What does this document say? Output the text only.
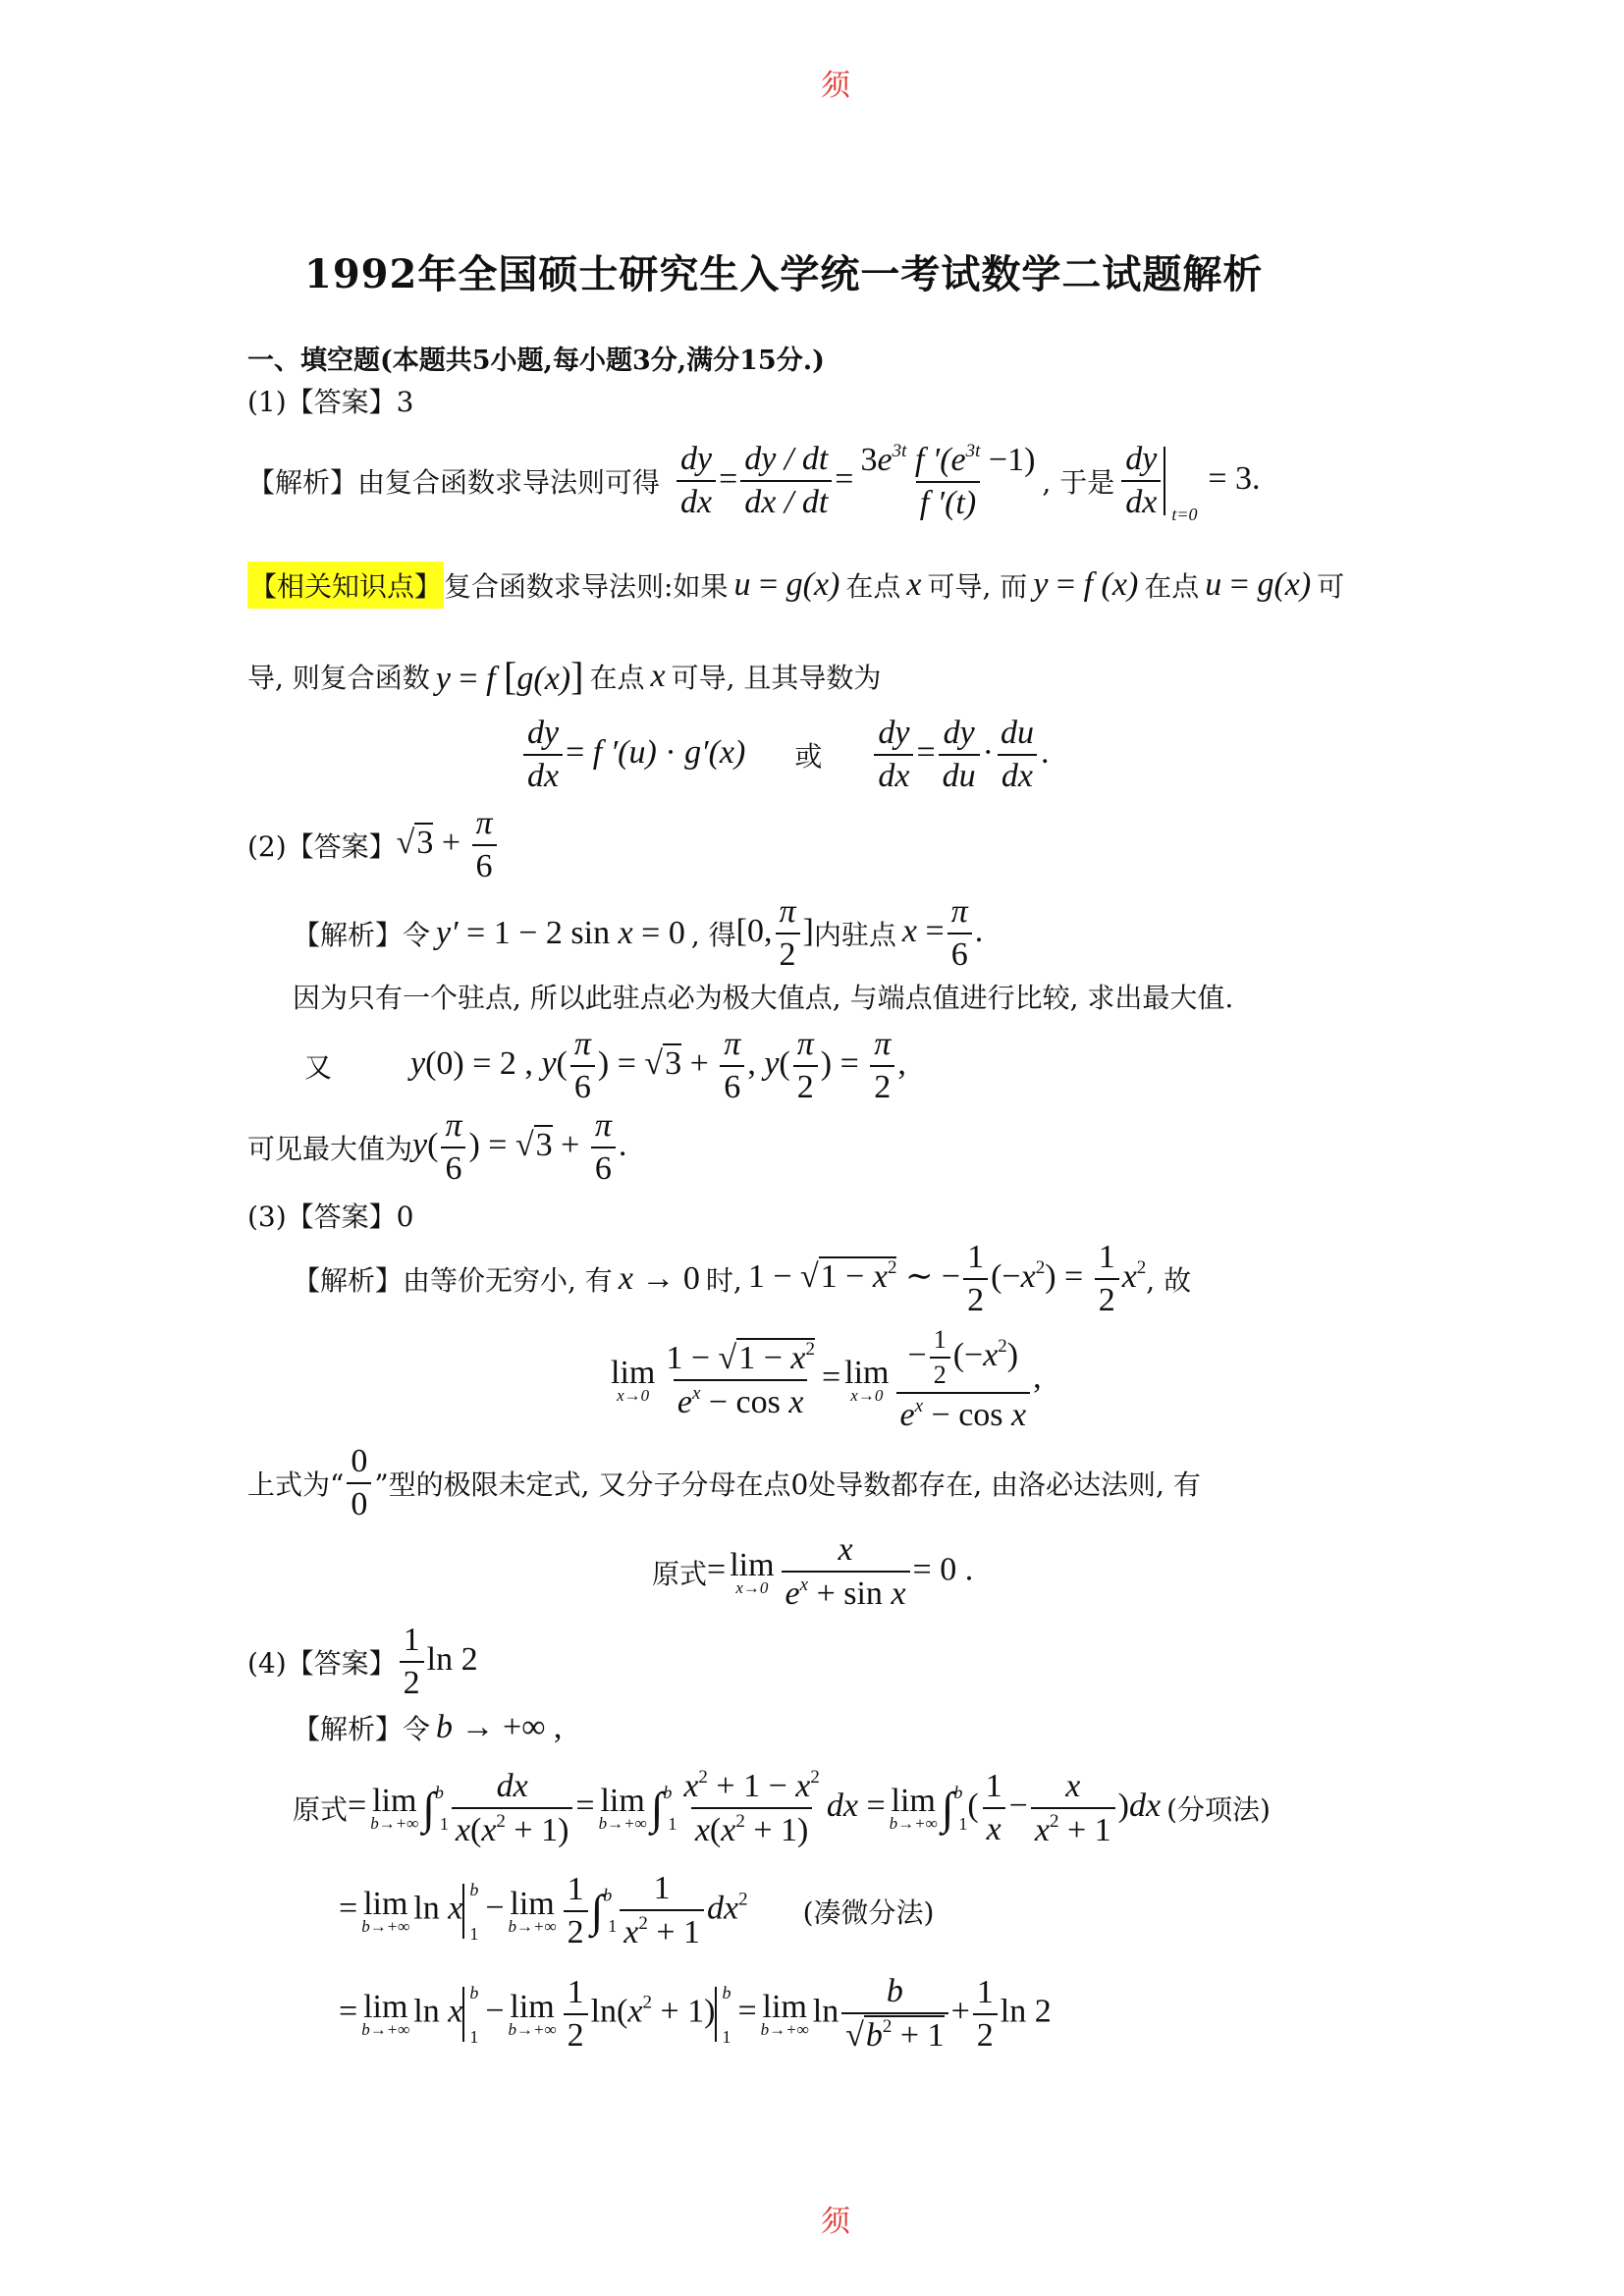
须
须
1992年全国硕士研究生入学统一考试数学二试题解析
一、填空题(本题共5小题,每小题3分,满分15分.)
(1)【答案】3
【解析】由复合函数求导法则可得 $\frac{dy}{dx} = \frac{dy / dt}{dx / dt} = \frac{3e^{3t} f '(e^{3t} -1)}{f '(t)}$ , 于是 $\frac{dy}{dx} t=0$
= 3.
【相关知识点】 复合函数求导法则:如果 u = g(x) 在点 x 可导, 而 y = f (x) 在点 u = g(x) 可
导, 则复合函数 y = f [g(x)] 在点 x 可导, 且其导数为
$\frac{dy}{dx} = f$ ′(u) · g′(x) 或 $\frac{dy}{dx} = \frac{dy}{du} \cdot \frac{du}{dx}$ .
(2)【答案】 $√3 + \frac{\pi}{6}$
【解析】令 y′ = 1 − 2 sin x = 0 , 得 [0, $\frac{\pi}{2}$ ] 内驻点 $x = \frac{\pi}{6}$ .
因为只有一个驻点, 所以此驻点必为极大值点, 与端点值进行比较, 求出最大值.
又 y(0) = 2 , $y( \frac{\pi}{6}$ ) = $√3 + \frac{\pi}{6}$ , $y( \frac{\pi}{2}$ ) = $\frac{\pi}{2}$ ,
可见最大值为 $y( \frac{\pi}{6}$ ) = $√3 + \frac{\pi}{6}$ .
(3)【答案】0
【解析】由等价无穷小, 有 x → 0 时, $1 - √1 - x^2$ ∼ − $\frac{1}{2} (-x^2) = \frac{1}{2} x^2$ , 故
lim
$x\to 0 \frac{1 - √1 - x^2}{e^x - \cos x} = \lim$
$x\to 0 \frac{- \frac{1}{2} (-x^2)}{e^x - \cos x}$ ,
上式为“ $\frac{0}{0}$ ”型的极限未定式, 又分子分母在点0处导数都存在, 由洛必达法则, 有
原式 = lim
$x\to 0 \frac{x}{e^x + \sin x} = 0$ .
(4)【答案】 $\frac{1}{2}$ ln 2
【解析】令 b → +∞ ,
原式 = lim
b→+∞ $\int^b_1 \frac{dx}{x(x^2 + 1)} = \lim$
b→+∞ $\int^b_1 \frac{x^2 + 1 - x^2}{x(x^2 + 1)}$ dx = lim
b→+∞ $\int^b_1( \frac{1}{x} - \frac{x}{x^2 + 1} )dx$ (分项法)
= lim
b→+∞ ln x
b
1
− lim
$b\to+\infty \frac{1}{2} \int^b_1 \frac{1}{x^2 + 1} dx^2$ (凑微分法)
= lim
b→+∞ ln x
b
1
− lim
$b\to+\infty \frac{1}{2} \ln(x^2 + 1)$
b
1
= lim
b→+∞ $\ln \frac{b}{√b^2 + 1} + \frac{1}{2}$ ln 2
